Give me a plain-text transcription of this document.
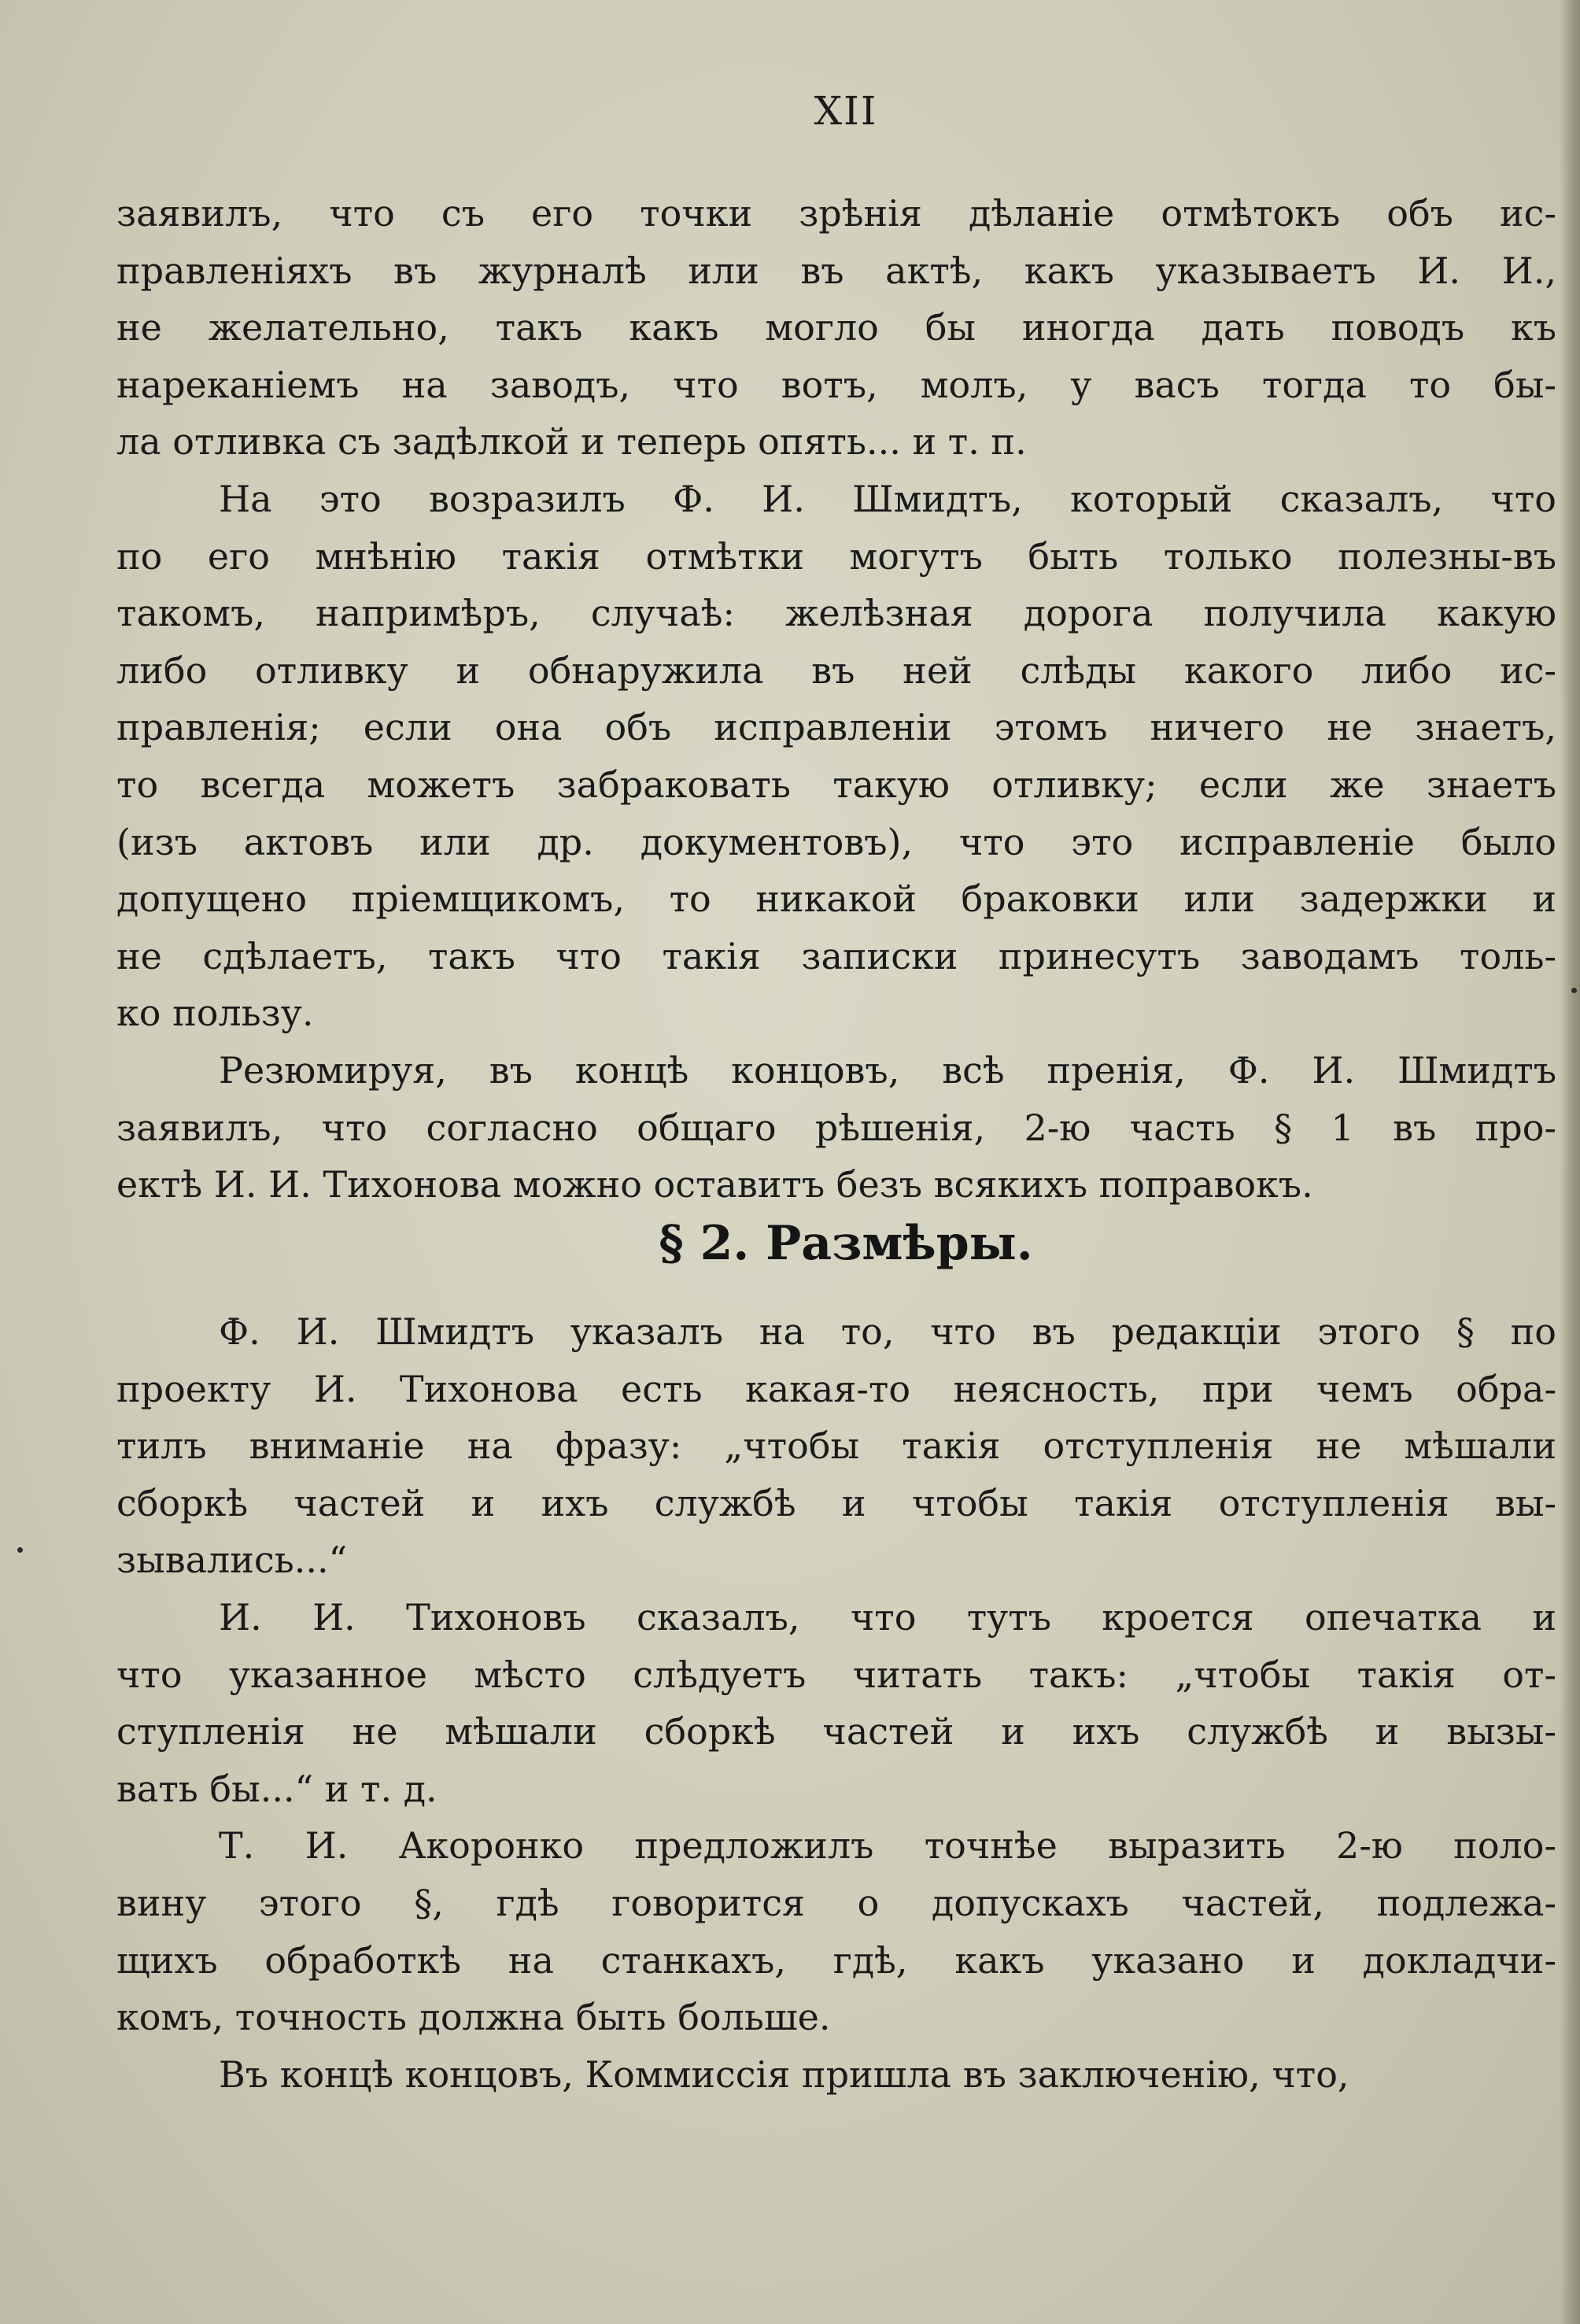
XII

заявилъ, что съ его точки зрѣнія дѣланіе отмѣтокъ объ ис-
правленіяхъ въ журналѣ или въ актѣ, какъ указываетъ И. И.,
не желательно, такъ какъ могло бы иногда дать поводъ къ
нареканіемъ на заводъ, что вотъ, молъ, у васъ тогда то бы-
ла отливка съ задѣлкой и теперь опять... и т. п.
На это возразилъ Ф. И. Шмидтъ, который сказалъ, что
по его мнѣнію такія отмѣтки могутъ быть только полезны-въ
такомъ, напримѣръ, случаѣ: желѣзная дорога получила какую
либо отливку и обнаружила въ ней слѣды какого либо ис-
правленія; если она объ исправленіи этомъ ничего не знаетъ,
то всегда можетъ забраковать такую отливку; если же знаетъ
(изъ актовъ или др. документовъ), что это исправленіе было
допущено пріемщикомъ, то никакой браковки или задержки и
не сдѣлаетъ, такъ что такія записки принесутъ заводамъ толь-
ко пользу.
Резюмируя, въ концѣ концовъ, всѣ пренія, Ф. И. Шмидтъ
заявилъ, что согласно общаго рѣшенія, 2-ю часть § 1 въ про-
ектѣ И. И. Тихонова можно оставитъ безъ всякихъ поправокъ.
§ 2. Размѣры.
Ф. И. Шмидтъ указалъ на то, что въ редакціи этого § по
проекту И. Тихонова есть какая-то неясность, при чемъ обра-
тилъ вниманіе на фразу: „чтобы такія отступленія не мѣшали
сборкѣ частей и ихъ службѣ и чтобы такія отступленія вы-
зывались...“
И. И. Тихоновъ сказалъ, что тутъ кроется опечатка и
что указанное мѣсто слѣдуетъ читать такъ: „чтобы такія от-
ступленія не мѣшали сборкѣ частей и ихъ службѣ и вызы-
вать бы...“ и т. д.
Т. И. Акоронко предложилъ точнѣе выразить 2-ю поло-
вину этого §, гдѣ говорится о допускахъ частей, подлежа-
щихъ обработкѣ на станкахъ, гдѣ, какъ указано и докладчи-
комъ, точность должна быть больше.
Въ концѣ концовъ, Коммиссія пришла въ заключенію, что,
